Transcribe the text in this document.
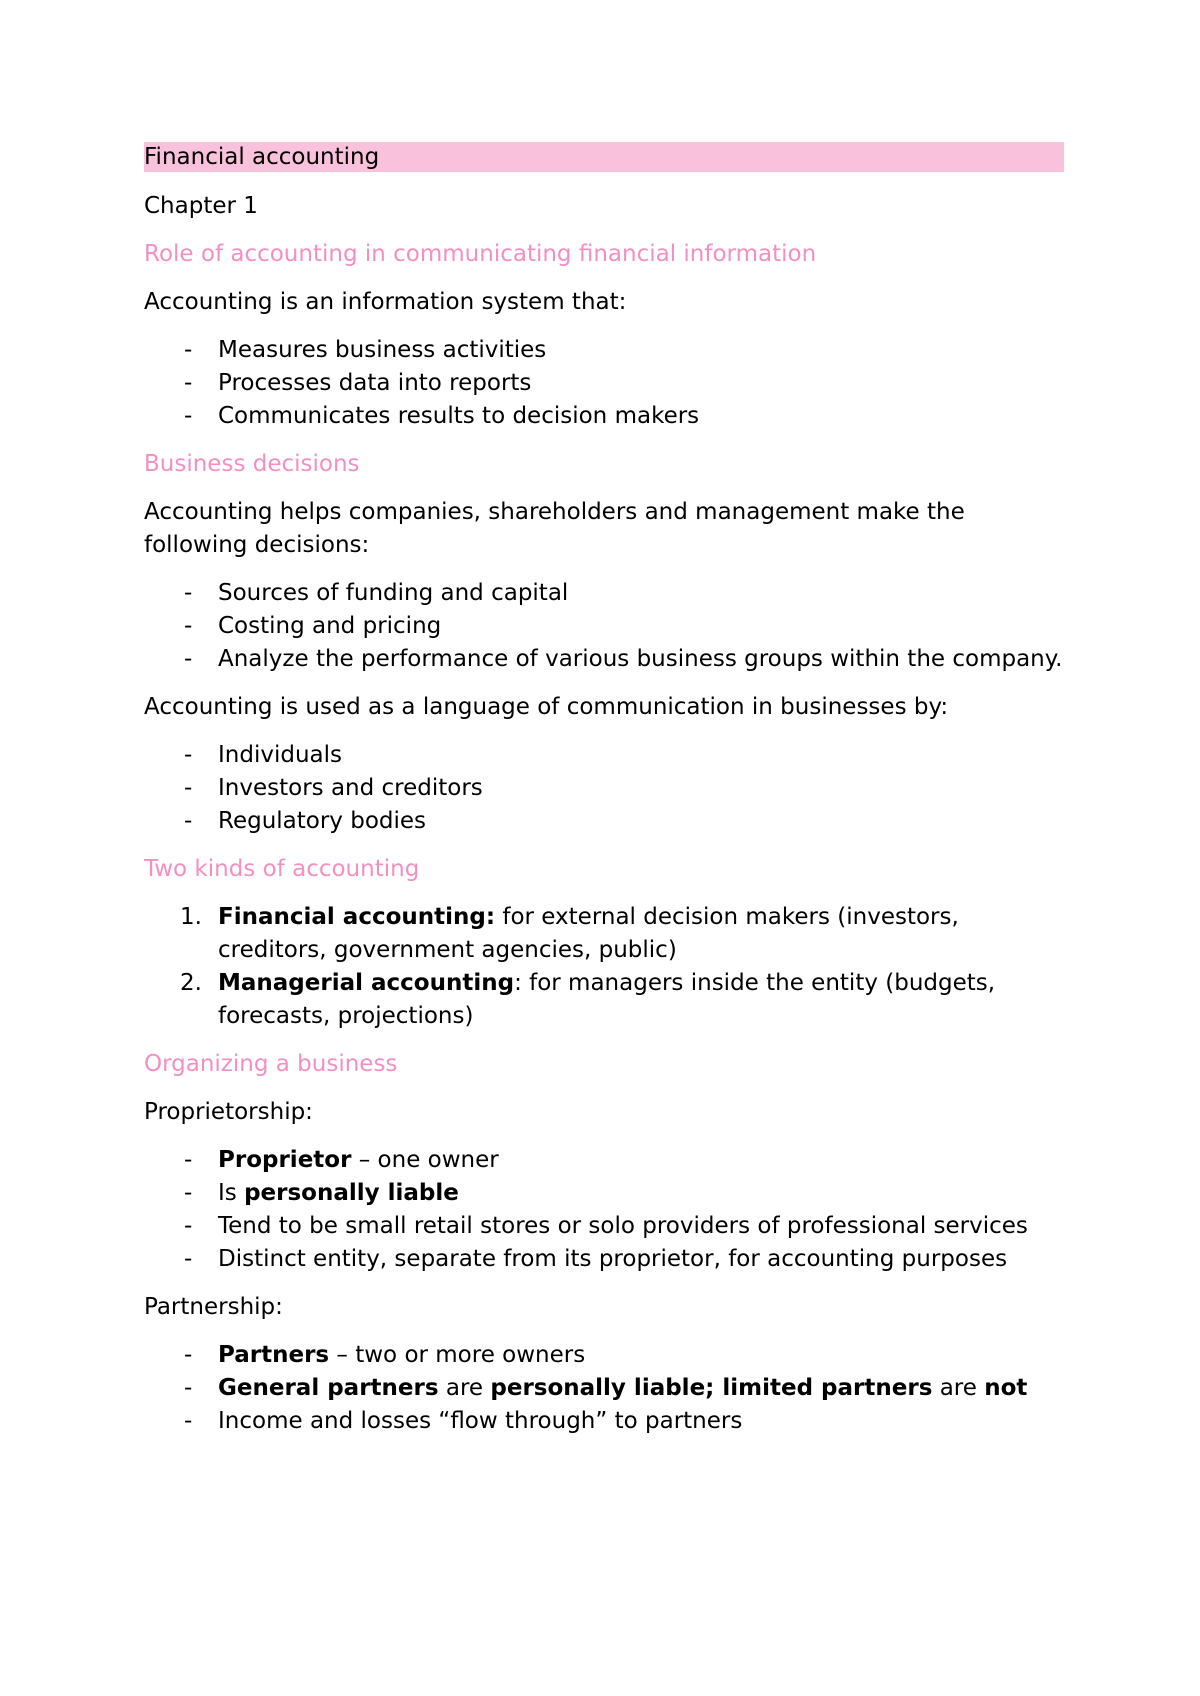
Financial accounting
Chapter 1
Role of accounting in communicating financial information
Accounting is an information system that:
- Measures business activities
- Processes data into reports
- Communicates results to decision makers
Business decisions
Accounting helps companies, shareholders and management make the following decisions:
- Sources of funding and capital
- Costing and pricing
- Analyze the performance of various business groups within the company.
Accounting is used as a language of communication in businesses by:
- Individuals
- Investors and creditors
- Regulatory bodies
Two kinds of accounting
1. Financial accounting: for external decision makers (investors, creditors, government agencies, public)
2. Managerial accounting: for managers inside the entity (budgets, forecasts, projections)
Organizing a business
Proprietorship:
- Proprietor – one owner
- Is personally liable
- Tend to be small retail stores or solo providers of professional services
- Distinct entity, separate from its proprietor, for accounting purposes
Partnership:
- Partners – two or more owners
- General partners are personally liable; limited partners are not
- Income and losses “flow through” to partners
